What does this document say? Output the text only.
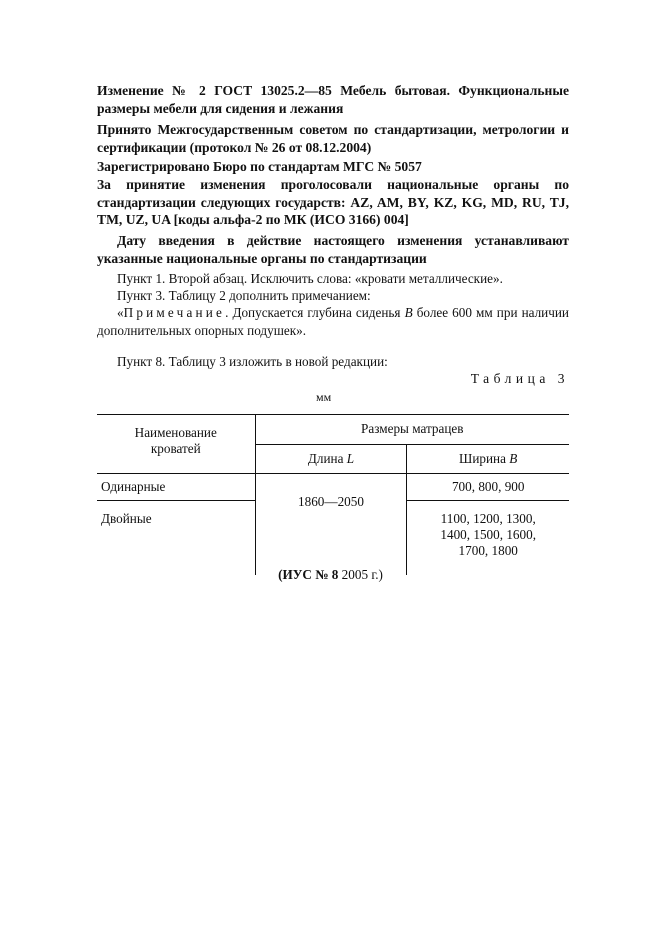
Изменение № 2 ГОСТ 13025.2—85 Мебель бытовая. Функциональные размеры мебели для сидения и лежания
Принято Межгосударственным советом по стандартизации, метрологии и сертификации (протокол № 26 от 08.12.2004)
Зарегистрировано Бюро по стандартам МГС № 5057
За принятие изменения проголосовали национальные органы по стандартизации следующих государств: AZ, AM, BY, KZ, KG, MD, RU, TJ, TM, UZ, UA [коды альфа-2 по МК (ИСО 3166) 004]
Дату введения в действие настоящего изменения устанавливают указанные национальные органы по стандартизации
Пункт 1. Второй абзац. Исключить слова: «кровати металлические».
Пункт 3. Таблицу 2 дополнить примечанием:
«Примечание. Допускается глубина сиденья B более 600 мм при наличии дополнительных опорных подушек».
Пункт 8. Таблицу 3 изложить в новой редакции:
Таблица 3
мм
Наименование кроватей	Размеры матрацев	
	Длина L	Ширина B
Одинарные	1860—2050	700, 800, 900
Двойные		1100, 1200, 1300, 1400, 1500, 1600, 1700, 1800
(ИУС № 8 2005 г.)
